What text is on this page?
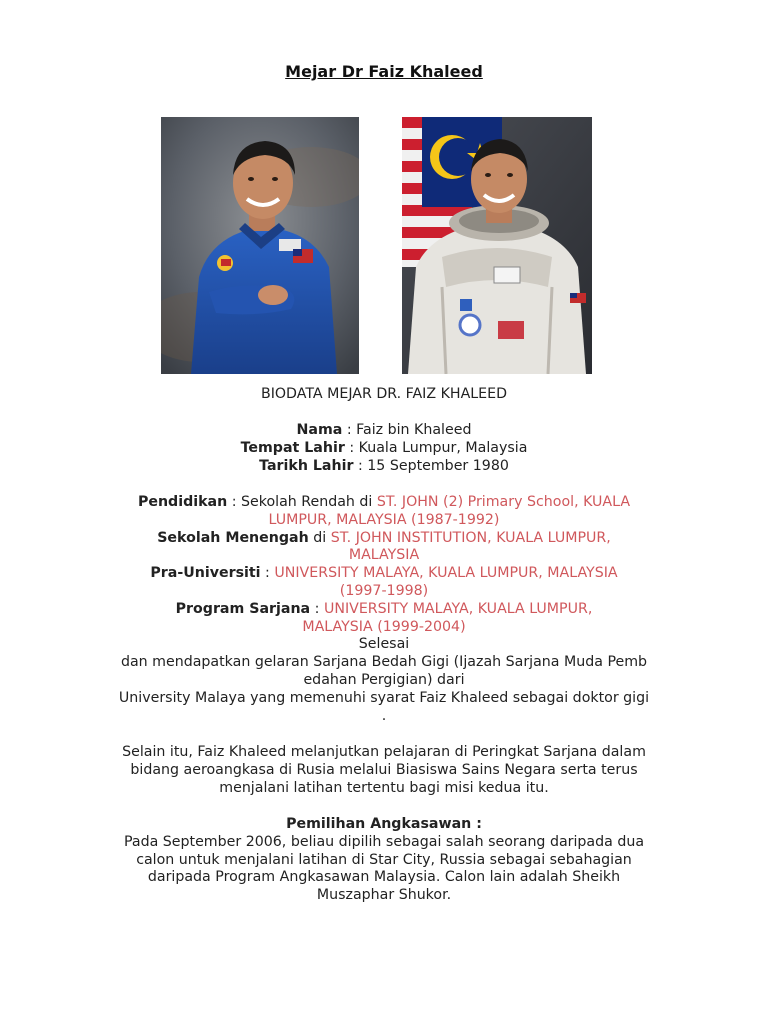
Mejar Dr Faiz Khaleed
BIODATA MEJAR DR. FAIZ KHALEED
Nama : Faiz bin Khaleed
Tempat Lahir : Kuala Lumpur, Malaysia
Tarikh Lahir : 15 September 1980
Pendidikan : Sekolah Rendah di ST. JOHN (2) Primary School, KUALA
LUMPUR, MALAYSIA (1987-1992)
Sekolah Menengah di ST. JOHN INSTITUTION, KUALA LUMPUR,
MALAYSIA
Pra-Universiti : UNIVERSITY MALAYA, KUALA LUMPUR, MALAYSIA
(1997-1998)
Program Sarjana : UNIVERSITY MALAYA, KUALA LUMPUR,
MALAYSIA (1999-2004)
Selesai
dan mendapatkan gelaran Sarjana Bedah Gigi (Ijazah Sarjana Muda Pemb
edahan Pergigian) dari
University Malaya yang memenuhi syarat Faiz Khaleed sebagai doktor gigi
.
Selain itu, Faiz Khaleed melanjutkan pelajaran di Peringkat Sarjana dalam
bidang aeroangkasa di Rusia melalui Biasiswa Sains Negara serta terus
menjalani latihan tertentu bagi misi kedua itu.
Pemilihan Angkasawan :
Pada September 2006, beliau dipilih sebagai salah seorang daripada dua
calon untuk menjalani latihan di Star City, Russia sebagai sebahagian
daripada Program Angkasawan Malaysia. Calon lain adalah Sheikh
Muszaphar Shukor.
